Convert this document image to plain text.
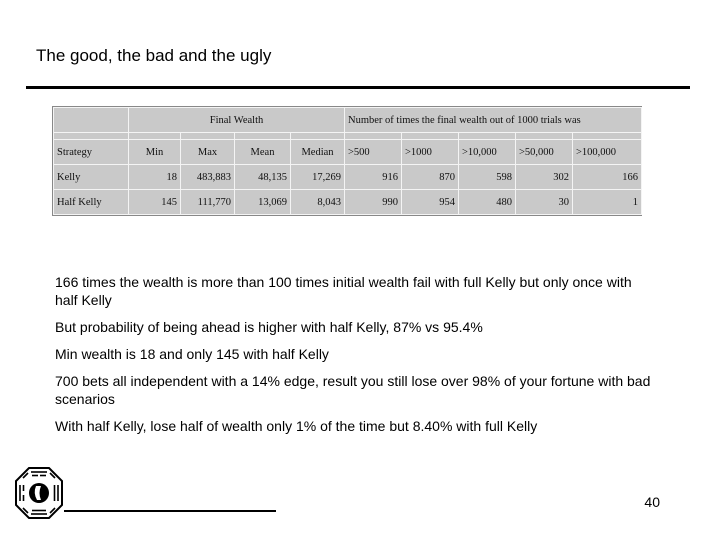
The good, the bad and the ugly
	Final Wealth				Number of times the final wealth out of 1000 trials was				

Strategy	Min	Max	Mean	Median	>500	>1000	>10,000	>50,000	>100,000
Kelly	18	483,883	48,135	17,269	916	870	598	302	166
Half Kelly	145	111,770	13,069	8,043	990	954	480	30	1

166 times the wealth is more than 100 times initial wealth fail with full Kelly but only once with half Kelly

But probability of being ahead is higher with half Kelly, 87% vs 95.4%

Min wealth is 18 and only 145 with half Kelly

700 bets all independent with a 14% edge, result you still lose over 98% of your fortune with bad scenarios

With half Kelly, lose half of wealth only 1% of the time but 8.40% with full Kelly

40
